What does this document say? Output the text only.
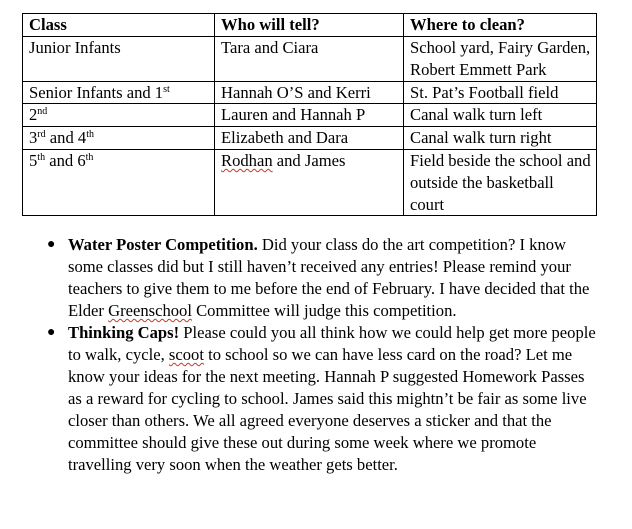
Class	Who will tell?	Where to clean?
Junior Infants	Tara and Ciara	School yard, Fairy Garden, Robert Emmett Park
Senior Infants and 1st	Hannah O’S and Kerri	St. Pat’s Football field
2nd	Lauren and Hannah P	Canal walk turn left
3rd and 4th	Elizabeth and Dara	Canal walk turn right
5th and 6th	Rodhan and James	Field beside the school and outside the basketball court
● Water Poster Competition. Did your class do the art competition? I know some classes did but I still haven’t received any entries! Please remind your teachers to give them to me before the end of February. I have decided that the Elder Greenschool Committee will judge this competition.
● Thinking Caps! Please could you all think how we could help get more people to walk, cycle, scoot to school so we can have less card on the road? Let me know your ideas for the next meeting. Hannah P suggested Homework Passes as a reward for cycling to school. James said this mightn’t be fair as some live closer than others. We all agreed everyone deserves a sticker and that the committee should give these out during some week where we promote travelling very soon when the weather gets better.
